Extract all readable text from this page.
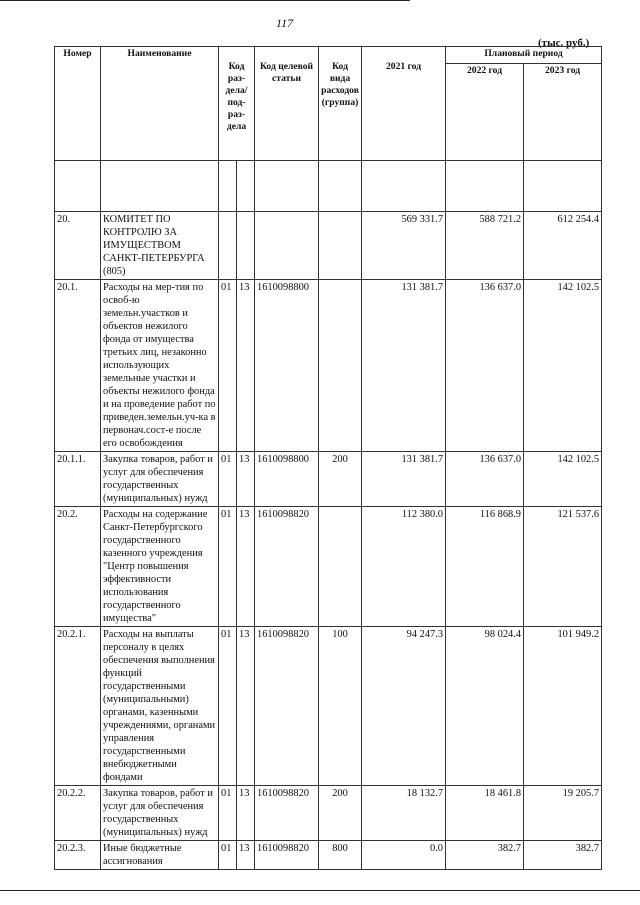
117
(тыс. руб.)
Номер	Наименование	Код раз-дела/ под-раз-дела		Код целевой статьи	Код вида расходов (группа)	2021 год	Плановый период	
							2022 год	2023 год

20.	КОМИТЕТ ПО КОНТРОЛЮ ЗА ИМУЩЕСТВОМ САНКТ-ПЕТЕРБУРГА (805)					569 331.7	588 721.2	612 254.4
20.1.	Расходы на мер-тия по освоб-ю земельн.участков и объектов нежилого фонда от имущества третьих лиц, незаконно использующих земельные участки и объекты нежилого фонда и на проведение работ по приведен.земельн.уч-ка в первонач.сост-е после его освобождения	01	13	1610098800		131 381.7	136 637.0	142 102.5
20.1.1.	Закупка товаров, работ и услуг для обеспечения государственных (муниципальных) нужд	01	13	1610098800	200	131 381.7	136 637.0	142 102.5
20.2.	Расходы на содержание Санкт-Петербургского государственного казенного учреждения "Центр повышения эффективности использования государственного имущества"	01	13	1610098820		112 380.0	116 868.9	121 537.6
20.2.1.	Расходы на выплаты персоналу в целях обеспечения выполнения функций государственными (муниципальными) органами, казенными учреждениями, органами управления государственными внебюджетными фондами	01	13	1610098820	100	94 247.3	98 024.4	101 949.2
20.2.2.	Закупка товаров, работ и услуг для обеспечения государственных (муниципальных) нужд	01	13	1610098820	200	18 132.7	18 461.8	19 205.7
20.2.3.	Иные бюджетные ассигнования	01	13	1610098820	800	0.0	382.7	382.7
